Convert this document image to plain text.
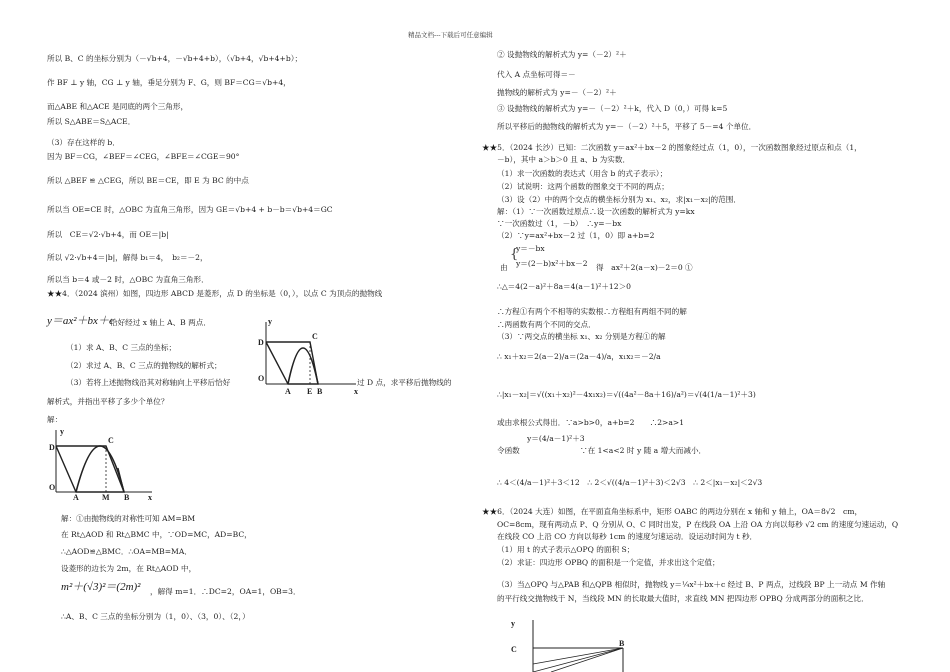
精品文档---下载后可任意编辑
所以 B、C 的坐标分别为（－√b+4，－√b+4+b），（√b+4，√b+4+b）；
作 BF ⊥ y 轴，CG ⊥ y 轴，垂足分别为 F、G，则 BF＝CG＝√b+4，
而△ABE 和△ACE 是同底的两个三角形，
所以 S△ABE＝S△ACE．
（3）存在这样的 b．
因为 BF＝CG，∠BEF＝∠CEG，∠BFE＝∠CGE＝90°
所以 △BEF ≌ △CEG，所以 BE＝CE，即 E 为 BC 的中点
所以当 OE=CE 时，△OBC 为直角三角形，因为 GE＝√b+4 + b－b＝√b+4＝GC
所以　CE＝√2·√b+4，而 OE＝|b|
所以 √2·√b+4＝|b|，解得 b₁＝4，　b₂＝－2，
所以当 b＝4 或－2 时，△OBC 为直角三角形．
★★4．（2024 滨州）如图，四边形 ABCD 是菱形，点 D 的坐标是（0，），以点 C 为顶点的抛物线
y＝ax²＋bx＋c
恰好经过 x 轴上 A、B 两点．
（1）求 A、B、C 三点的坐标；
（2）求过 A、B、C 三点的抛物线的解析式；
（3）若将上述抛物线沿其对称轴向上平移后恰好	过 D 点，求平移后抛物线的
解析式，并指出平移了多少个单位？
解：
C
D
O
A E B	x
y
y
D
C
O
A	M B x
解：①由抛物线的对称性可知 AM=BM
在 Rt△AOD 和 Rt△BMC 中，∵OD=MC，AD=BC，
∴△AOD≌△BMC．∴OA=MB=MA．
设菱形的边长为 2m，在 Rt△AOD 中，
m²＋(√3)²＝(2m)² ，解得 m=1．∴DC=2，OA=1，OB=3．
∴A、B、C 三点的坐标分别为（1，0）、（3，0）、（2，）
② 设抛物线的解析式为 y=（－2）²＋
代入 A 点坐标可得＝－
抛物线的解析式为 y=－（－2）²＋
③ 设抛物线的解析式为 y=－（－2）²＋k，代入 D（0，）可得 k=5
所以平移后的抛物线的解析式为 y=－（－2）²＋5，平移了 5－=4 个单位．
★★5．（2024 长沙）已知：二次函数 y＝ax²＋bx－2 的图象经过点（1，0），一次函数图象经过原点和点（1，
－b），其中 a＞b＞0 且 a、b 为实数．
（1）求一次函数的表达式（用含 b 的式子表示）；
（2）试说明：这两个函数的图象交于不同的两点；
（3）设（2）中的两个交点的横坐标分别为 x₁、x₂，求|x₁－x₂|的范围．
解：（1）∵一次函数过原点∴设一次函数的解析式为 y=kx
∵一次函数过（1，－b）　∴y=－bx
（2）∵y=ax²+bx－2 过（1，0）即 a+b=2
由
{
y＝－bx
y＝(2－b)x²＋bx－2 得　ax²＋2(a－x)－2＝0 ①
∴△＝4(2－a)²＋8a＝4(a－1)²＋12＞0
∴方程①有两个不相等的实数根∴方程组有两组不同的解
∴两函数有两个不同的交点．
（3）∵两交点的横坐标 x₁、x₂ 分别是方程①的解
∴ x₁＋x₂＝2(a－2)/a＝(2a－4)/a，x₁x₂＝－2/a
∴|x₁－x₂|＝√((x₁＋x₂)²－4x₁x₂)＝√((4a²－8a＋16)/a²)＝√(4(1/a－1)²＋3)
或由求根公式得出．∵a>b>0，a+b=2　　∴2>a>1
y＝(4/a－1)²＋3
令函数	∵在 1<a<2 时 y 随 a 增大而减小．
∴ 4＜(4/a－1)²＋3＜12　∴ 2＜√((4/a－1)²＋3)＜2√3　∴ 2＜|x₁－x₂|＜2√3
★★6．（2024 大连）如图，在平面直角坐标系中，矩形 OABC 的两边分别在 x 轴和 y 轴上，OA＝8√2　cm，
OC=8cm，现有两动点 P、Q 分别从 O、C 同时出发，P 在线段 OA 上沿 OA 方向以每秒 √2 cm 的速度匀速运动，Q
在线段 CO 上沿 CO 方向以每秒 1cm 的速度匀速运动．设运动时间为 t 秒．
（1）用 t 的式子表示△OPQ 的面积 S；
（2）求证：四边形 OPBQ 的面积是一个定值，并求出这个定值；
（3）当△OPQ 与△PAB 和△QPB 相似时，抛物线 y＝¼x²＋bx＋c 经过 B、P 两点，过线段 BP 上一动点 M 作轴
的平行线交抛物线于 N，当线段 MN 的长取最大值时，求直线 MN 把四边形 OPBQ 分成两部分的面积之比．
y
C
B
